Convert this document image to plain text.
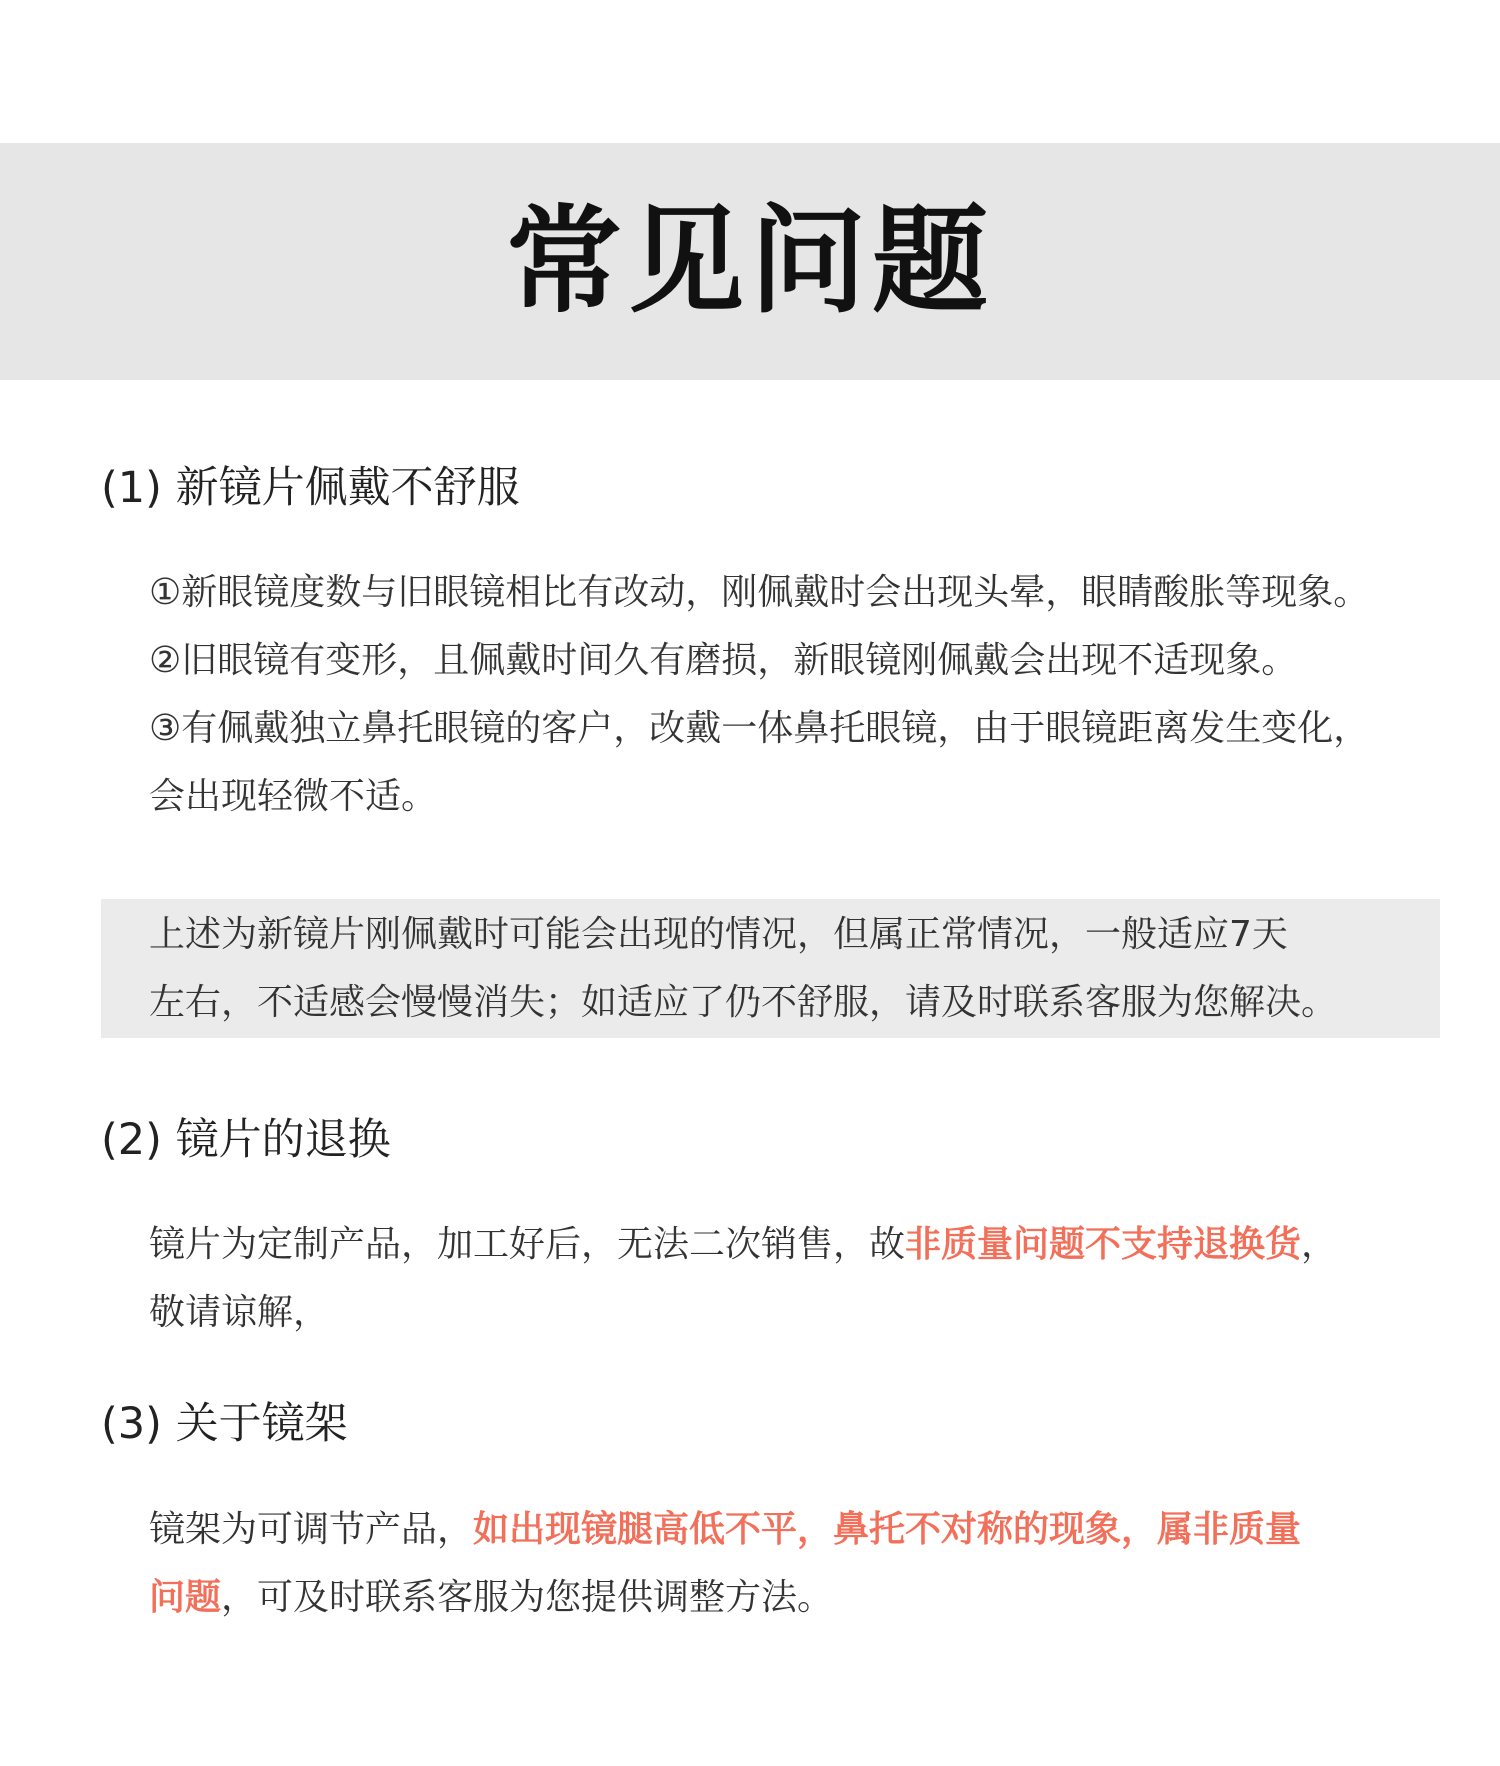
常见问题
(1) 新镜片佩戴不舒服
①新眼镜度数与旧眼镜相比有改动，刚佩戴时会出现头晕，眼睛酸胀等现象。
②旧眼镜有变形，且佩戴时间久有磨损，新眼镜刚佩戴会出现不适现象。
③有佩戴独立鼻托眼镜的客户，改戴一体鼻托眼镜，由于眼镜距离发生变化，
会出现轻微不适。
上述为新镜片刚佩戴时可能会出现的情况，但属正常情况，一般适应7天
左右，不适感会慢慢消失；如适应了仍不舒服，请及时联系客服为您解决。
(2) 镜片的退换
镜片为定制产品，加工好后，无法二次销售，故非质量问题不支持退换货，
敬请谅解，
(3) 关于镜架
镜架为可调节产品，如出现镜腿高低不平，鼻托不对称的现象，属非质量
问题，可及时联系客服为您提供调整方法。
